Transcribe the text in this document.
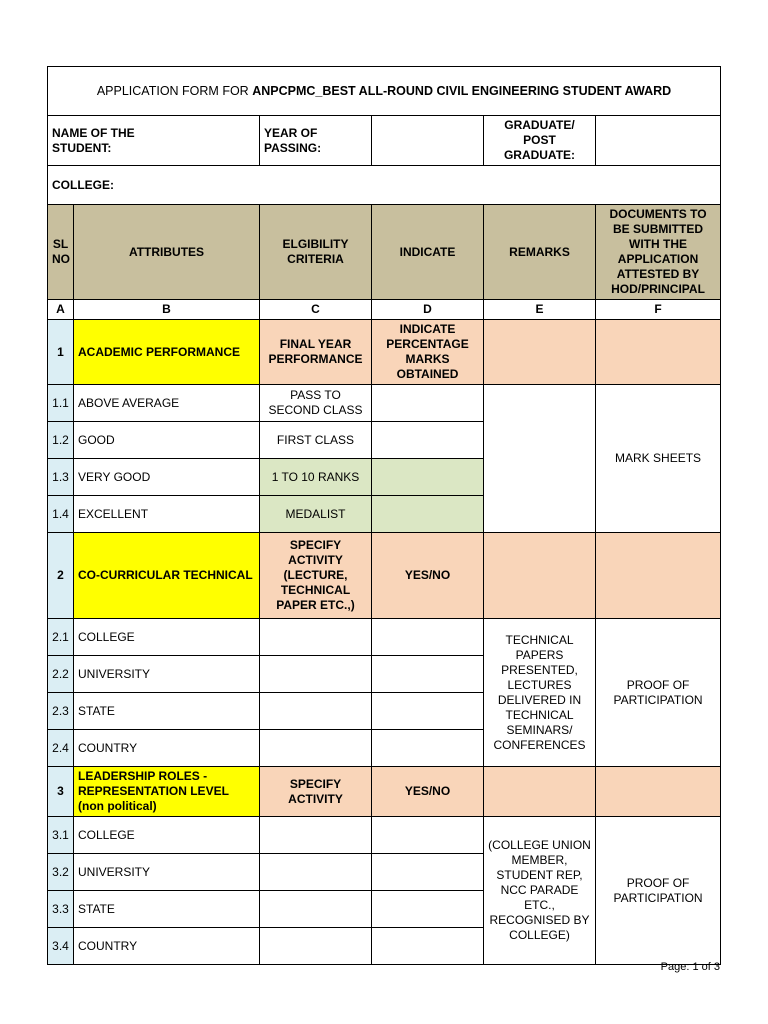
APPLICATION FORM FOR ANPCPMC_BEST ALL-ROUND CIVIL ENGINEERING STUDENT AWARD					
NAME OF THE STUDENT:		YEAR OF PASSING:		GRADUATE/ POST GRADUATE:	
COLLEGE:					
SL NO	ATTRIBUTES	ELGIBILITY CRITERIA	INDICATE	REMARKS	DOCUMENTS TO BE SUBMITTED WITH THE APPLICATION ATTESTED BY HOD/PRINCIPAL
A	B	C	D	E	F
1	ACADEMIC PERFORMANCE	FINAL YEAR PERFORMANCE	INDICATE PERCENTAGE MARKS OBTAINED		
1.1	ABOVE AVERAGE	PASS TO SECOND CLASS			MARK SHEETS
1.2	GOOD	FIRST CLASS			
1.3	VERY GOOD	1 TO 10 RANKS			
1.4	EXCELLENT	MEDALIST			
2	CO-CURRICULAR TECHNICAL	SPECIFY ACTIVITY (LECTURE, TECHNICAL PAPER ETC.,)	YES/NO		
2.1	COLLEGE			TECHNICAL PAPERS PRESENTED, LECTURES DELIVERED IN TECHNICAL SEMINARS/ CONFERENCES	PROOF OF PARTICIPATION
2.2	UNIVERSITY				
2.3	STATE				
2.4	COUNTRY				
3	LEADERSHIP ROLES - REPRESENTATION LEVEL (non political)	SPECIFY ACTIVITY	YES/NO		
3.1	COLLEGE			(COLLEGE UNION MEMBER, STUDENT REP, NCC PARADE ETC., RECOGNISED BY COLLEGE)	PROOF OF PARTICIPATION
3.2	UNIVERSITY				
3.3	STATE				
3.4	COUNTRY				
Page: 1 of 3
